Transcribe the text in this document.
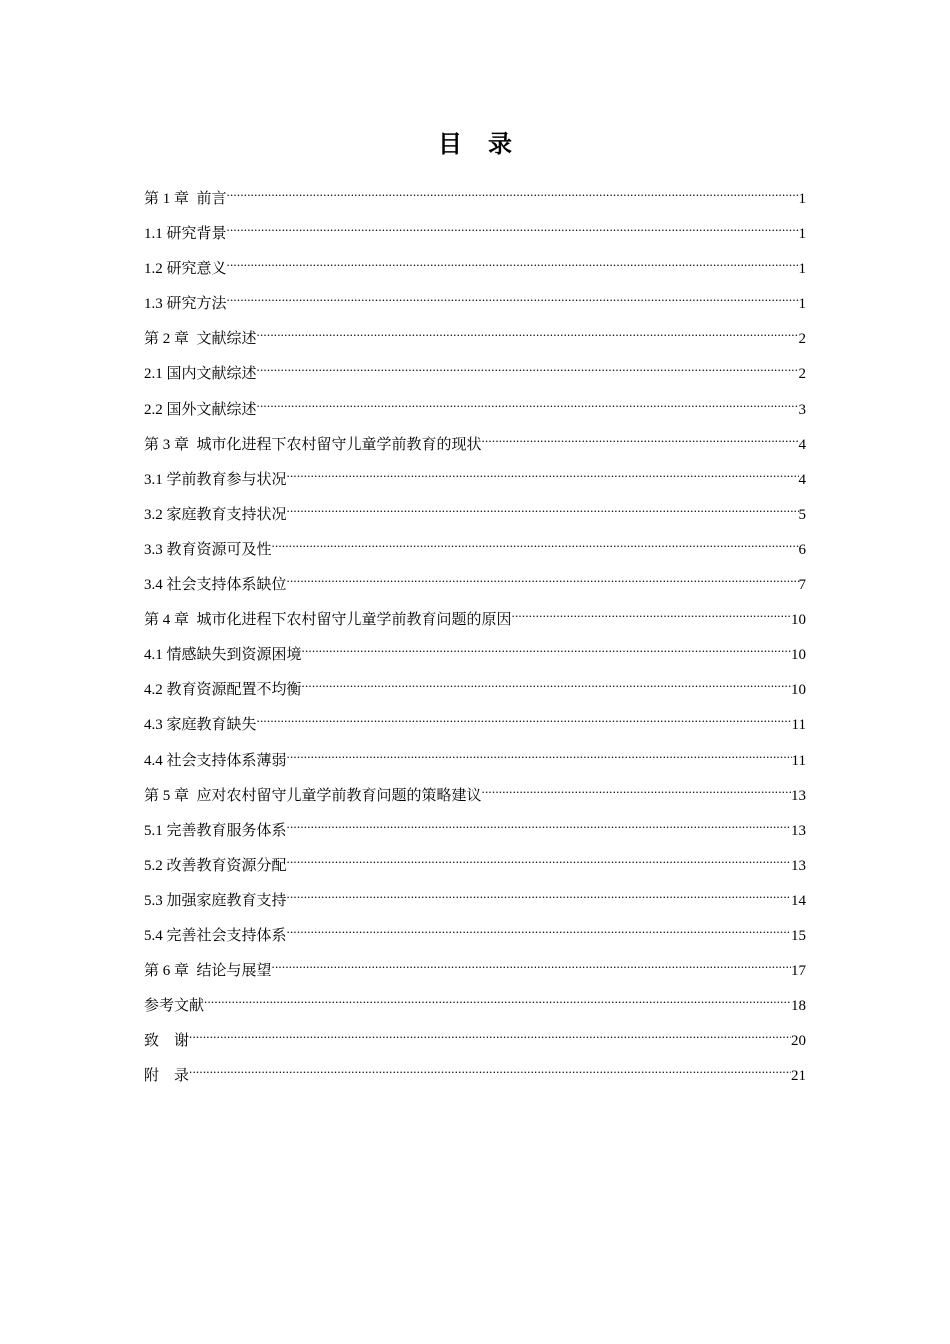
目 录
第 1 章  前言 .....	1
1.1 研究背景 .....	1
1.2 研究意义 .....	1
1.3 研究方法 .....	1
第 2 章  文献综述 .....	2
2.1 国内文献综述 .....	2
2.2 国外文献综述 .....	3
第 3 章  城市化进程下农村留守儿童学前教育的现状 .....	4
3.1 学前教育参与状况 .....	4
3.2 家庭教育支持状况 .....	5
3.3 教育资源可及性 .....	6
3.4 社会支持体系缺位 .....	7
第 4 章  城市化进程下农村留守儿童学前教育问题的原因 .....	10
4.1 情感缺失到资源困境 .....	10
4.2 教育资源配置不均衡 .....	10
4.3 家庭教育缺失 .....	11
4.4 社会支持体系薄弱 .....	11
第 5 章  应对农村留守儿童学前教育问题的策略建议 .....	13
5.1 完善教育服务体系 .....	13
5.2 改善教育资源分配 .....	13
5.3 加强家庭教育支持 .....	14
5.4 完善社会支持体系 .....	15
第 6 章  结论与展望 .....	17
参考文献 .....	18
致    谢 .....	20
附    录 .....	21
